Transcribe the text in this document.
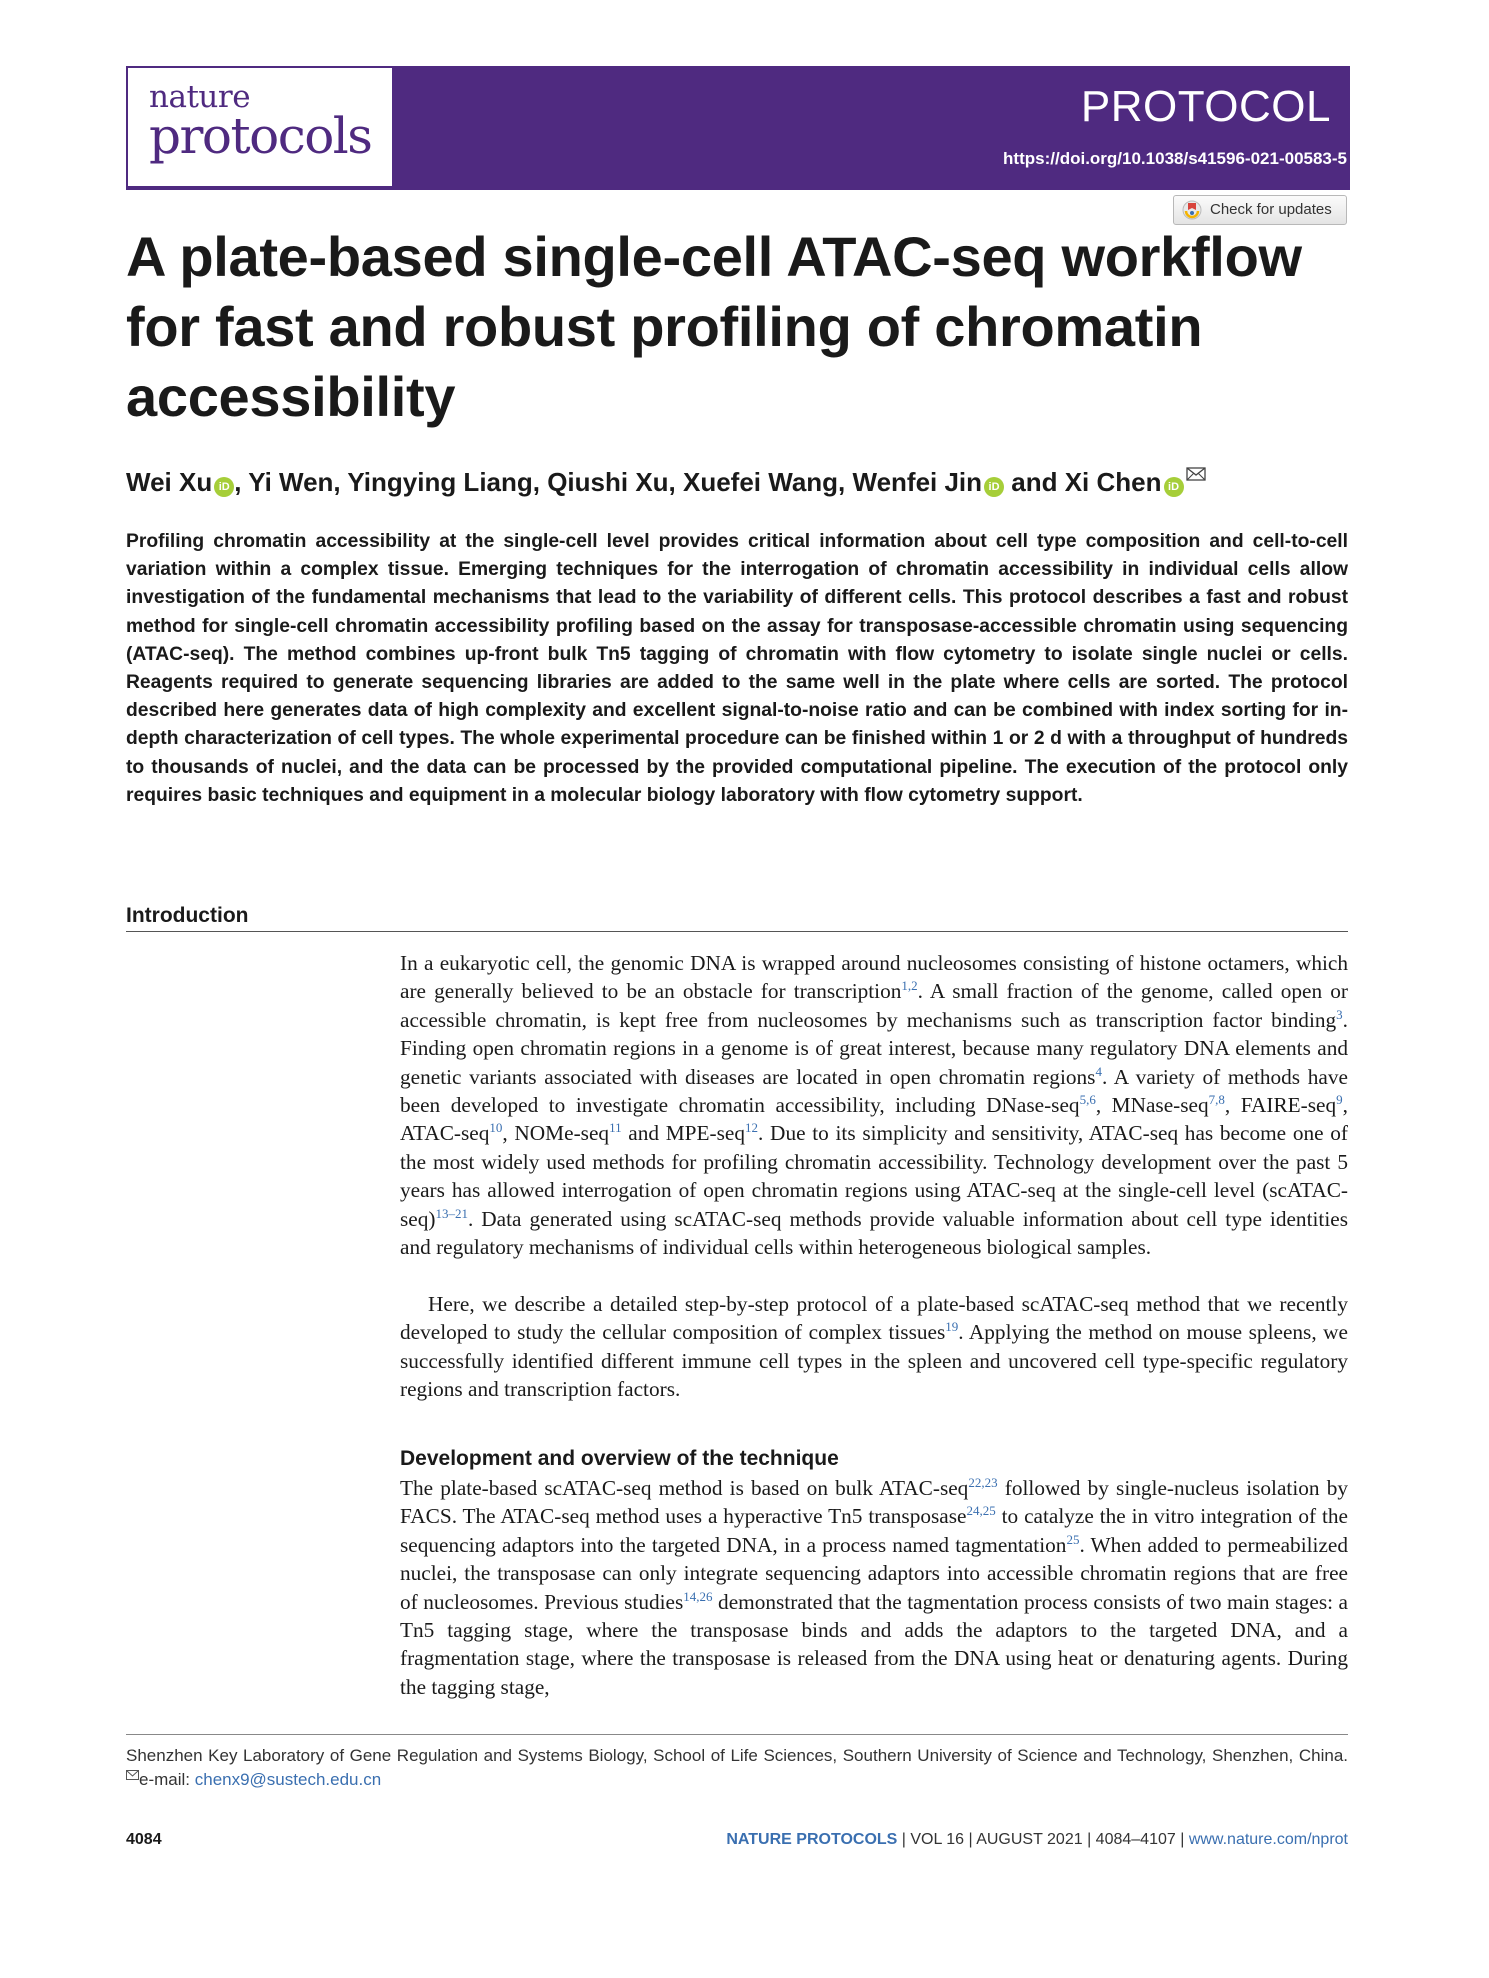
nature
protocols
PROTOCOL
https://doi.org/10.1038/s41596-021-00583-5
Check for updates
A plate-based single-cell ATAC-seq workflow for fast and robust profiling of chromatin accessibility
Wei Xu iD , Yi Wen, Yingying Liang, Qiushi Xu, Xuefei Wang, Wenfei Jin iD and Xi Chen iD
Profiling chromatin accessibility at the single-cell level provides critical information about cell type composition and cell-to-cell variation within a complex tissue. Emerging techniques for the interrogation of chromatin accessibility in individual cells allow investigation of the fundamental mechanisms that lead to the variability of different cells. This protocol describes a fast and robust method for single-cell chromatin accessibility profiling based on the assay for transposase-accessible chromatin using sequencing (ATAC-seq). The method combines up-front bulk Tn5 tagging of chromatin with flow cytometry to isolate single nuclei or cells. Reagents required to generate sequencing libraries are added to the same well in the plate where cells are sorted. The protocol described here generates data of high complexity and excellent signal-to-noise ratio and can be combined with index sorting for in-depth characterization of cell types. The whole experimental procedure can be finished within 1 or 2 d with a throughput of hundreds to thousands of nuclei, and the data can be processed by the provided computational pipeline. The execution of the protocol only requires basic techniques and equipment in a molecular biology laboratory with flow cytometry support.
Introduction
In a eukaryotic cell, the genomic DNA is wrapped around nucleosomes consisting of histone octamers, which are generally believed to be an obstacle for transcription$^{1,2}$. A small fraction of the genome, called open or accessible chromatin, is kept free from nucleosomes by mechanisms such as transcription factor binding$^3$. Finding open chromatin regions in a genome is of great interest, because many regulatory DNA elements and genetic variants associated with diseases are located in open chromatin regions$^4$. A variety of methods have been developed to investigate chromatin accessibility, including DNase-seq$^{5,6}$, MNase-seq$^{7,8}$, FAIRE-seq$^9$, ATAC-seq$^{10}$, NOMe-seq$^{11}$ and MPE-seq$^{12}$. Due to its simplicity and sensitivity, ATAC-seq has become one of the most widely used methods for profiling chromatin accessibility. Technology development over the past 5 years has allowed interrogation of open chromatin regions using ATAC-seq at the single-cell level (scATAC-seq)$^{13-21}$. Data generated using scATAC-seq methods provide valuable information about cell type identities and regulatory mechanisms of individual cells within heterogeneous biological samples.
Here, we describe a detailed step-by-step protocol of a plate-based scATAC-seq method that we recently developed to study the cellular composition of complex tissues$^{19}$. Applying the method on mouse spleens, we successfully identified different immune cell types in the spleen and uncovered cell type-specific regulatory regions and transcription factors.
Development and overview of the technique
The plate-based scATAC-seq method is based on bulk ATAC-seq$^{22,23}$ followed by single-nucleus isolation by FACS. The ATAC-seq method uses a hyperactive Tn5 transposase$^{24,25}$ to catalyze the in vitro integration of the sequencing adaptors into the targeted DNA, in a process named tagmentation$^{25}$. When added to permeabilized nuclei, the transposase can only integrate sequencing adaptors into accessible chromatin regions that are free of nucleosomes. Previous studies$^{14,26}$ demonstrated that the tagmentation process consists of two main stages: a Tn5 tagging stage, where the transposase binds and adds the adaptors to the targeted DNA, and a fragmentation stage, where the transposase is released from the DNA using heat or denaturing agents. During the tagging stage,
Shenzhen Key Laboratory of Gene Regulation and Systems Biology, School of Life Sciences, Southern University of Science and Technology, Shenzhen, China. e-mail: chenx9@sustech.edu.cn
4084	NATURE PROTOCOLS | VOL 16 | AUGUST 2021 | 4084–4107 | www.nature.com/nprot
